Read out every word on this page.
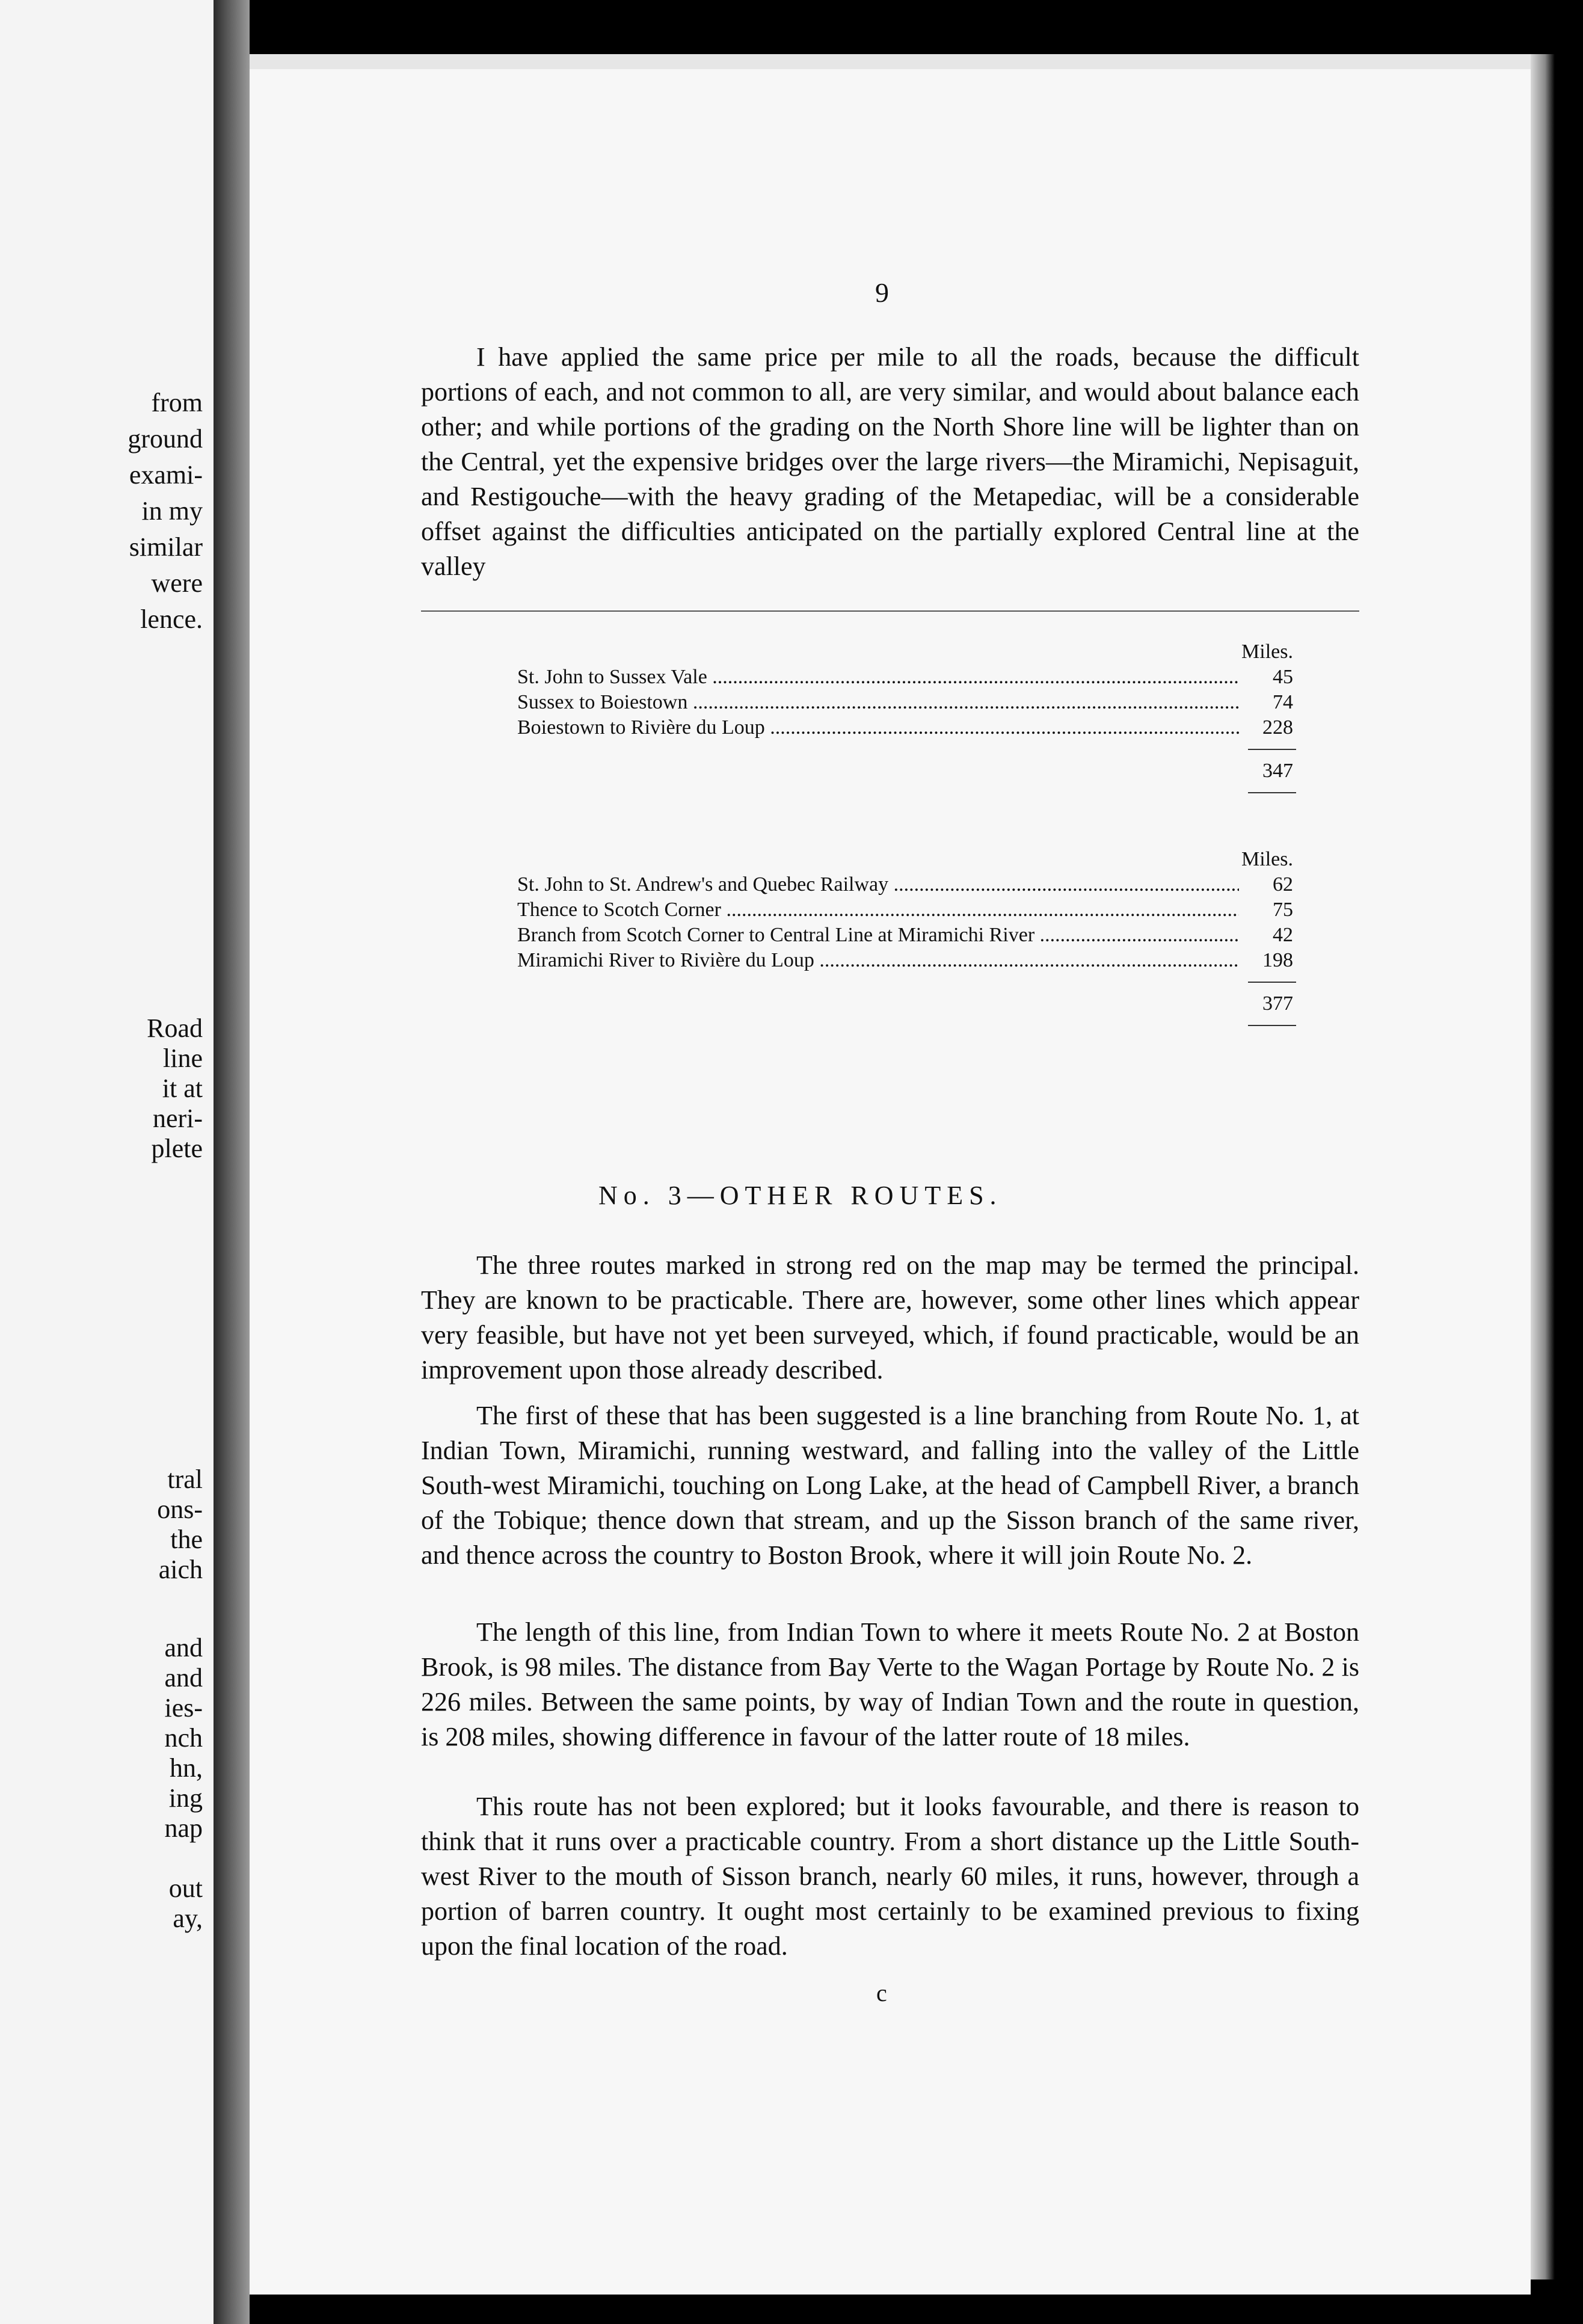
from
ground
exami-
in my
similar
were
lence.
Road
line
it at
neri-
plete
tral
ons-
the
aich
and
and
ies-
nch
hn,
ing
nap
out
ay,
9

I have applied the same price per mile to all the roads, because the difficult portions of each, and not common to all, are very similar, and would about balance each other; and while portions of the grading on the North Shore line will be lighter than on the Central, yet the expensive bridges over the large rivers—the Miramichi, Nepisaguit, and Restigouche—with the heavy grading of the Metapediac, will be a considerable offset against the difficulties anticipated on the partially explored Central line at the valley

Miles.
St. John to Sussex Vale .....	45
Sussex to Boiestown .....	74
Boiestown to Rivière du Loup .....	228
347
Miles.
St. John to St. Andrew's and Quebec Railway .....	62
Thence to Scotch Corner .....	75
Branch from Scotch Corner to Central Line at Miramichi River .....	42
Miramichi River to Rivière du Loup .....	198
377
No. 3—OTHER ROUTES.

The three routes marked in strong red on the map may be termed the principal. They are known to be practicable. There are, however, some other lines which appear very feasible, but have not yet been surveyed, which, if found practicable, would be an improvement upon those already described.

The first of these that has been suggested is a line branching from Route No. 1, at Indian Town, Miramichi, running westward, and falling into the valley of the Little South-west Miramichi, touching on Long Lake, at the head of Campbell River, a branch of the Tobique; thence down that stream, and up the Sisson branch of the same river, and thence across the country to Boston Brook, where it will join Route No. 2.

The length of this line, from Indian Town to where it meets Route No. 2 at Boston Brook, is 98 miles. The distance from Bay Verte to the Wagan Portage by Route No. 2 is 226 miles. Between the same points, by way of Indian Town and the route in question, is 208 miles, showing difference in favour of the latter route of 18 miles.

This route has not been explored; but it looks favourable, and there is reason to think that it runs over a practicable country. From a short distance up the Little South-west River to the mouth of Sisson branch, nearly 60 miles, it runs, however, through a portion of barren country. It ought most certainly to be examined previous to fixing upon the final location of the road.

c
